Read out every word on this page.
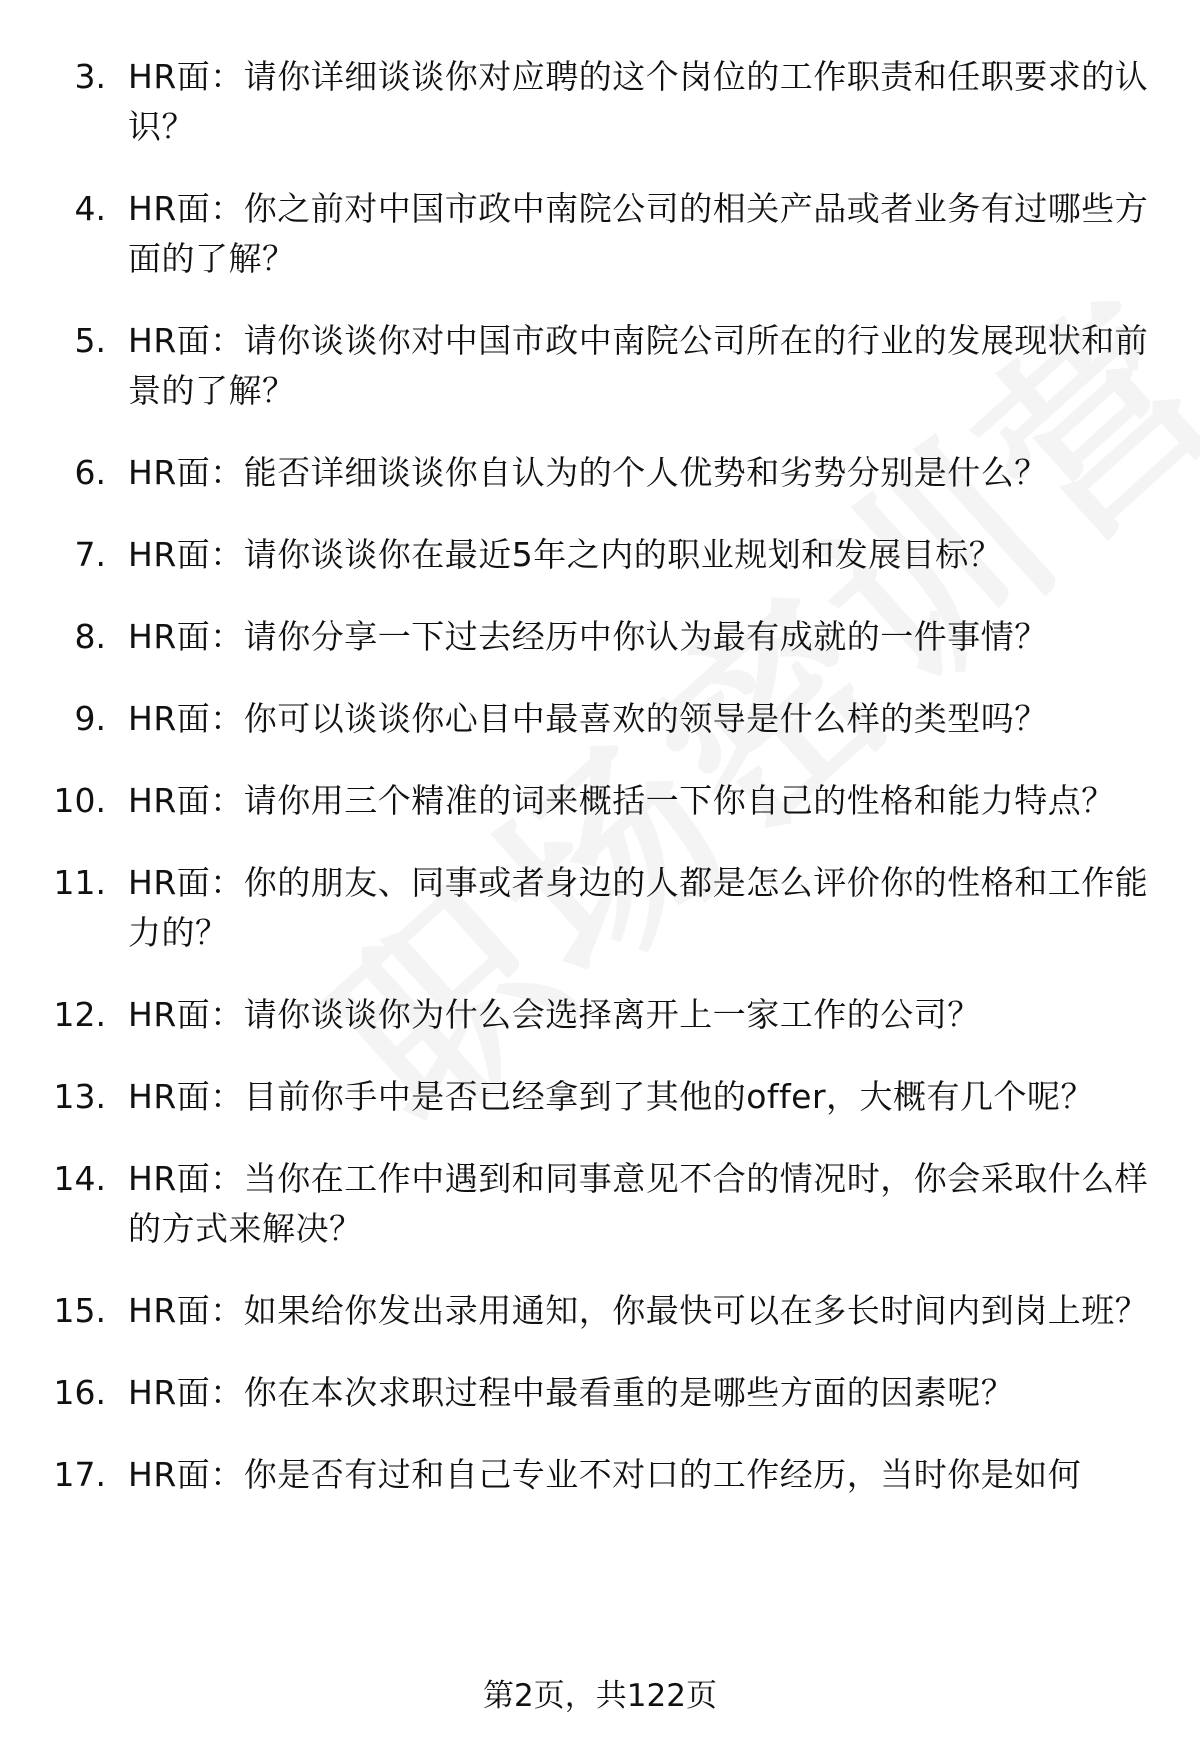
3. HR面：请你详细谈谈你对应聘的这个岗位的工作职责和任职要求的认识？
4. HR面：你之前对中国市政中南院公司的相关产品或者业务有过哪些方面的了解？
5. HR面：请你谈谈你对中国市政中南院公司所在的行业的发展现状和前景的了解？
6. HR面：能否详细谈谈你自认为的个人优势和劣势分别是什么？
7. HR面：请你谈谈你在最近5年之内的职业规划和发展目标？
8. HR面：请你分享一下过去经历中你认为最有成就的一件事情？
9. HR面：你可以谈谈你心目中最喜欢的领导是什么样的类型吗？
10. HR面：请你用三个精准的词来概括一下你自己的性格和能力特点？
11. HR面：你的朋友、同事或者身边的人都是怎么评价你的性格和工作能力的？
12. HR面：请你谈谈你为什么会选择离开上一家工作的公司？
13. HR面：目前你手中是否已经拿到了其他的offer，大概有几个呢？
14. HR面：当你在工作中遇到和同事意见不合的情况时，你会采取什么样的方式来解决？
15. HR面：如果给你发出录用通知，你最快可以在多长时间内到岗上班？
16. HR面：你在本次求职过程中最看重的是哪些方面的因素呢？
17. HR面：你是否有过和自己专业不对口的工作经历，当时你是如何
第2页，共122页
